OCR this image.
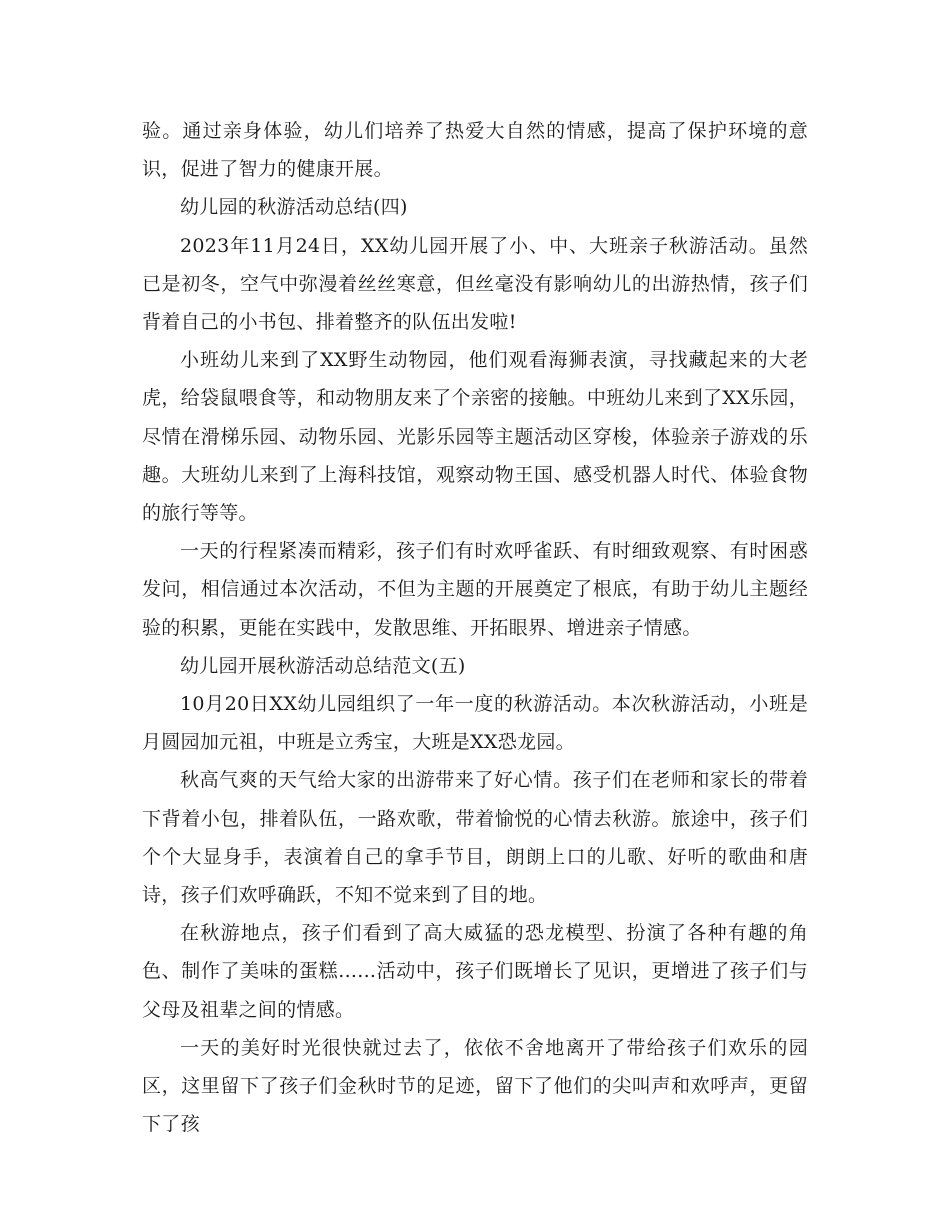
验。通过亲身体验，幼儿们培养了热爱大自然的情感，提高了保护环境的意识，促进了智力的健康开展。

幼儿园的秋游活动总结(四)

2023年11月24日，XX幼儿园开展了小、中、大班亲子秋游活动。虽然已是初冬，空气中弥漫着丝丝寒意，但丝毫没有影响幼儿的出游热情，孩子们背着自己的小书包、排着整齐的队伍出发啦!

小班幼儿来到了XX野生动物园，他们观看海狮表演，寻找藏起来的大老虎，给袋鼠喂食等，和动物朋友来了个亲密的接触。中班幼儿来到了XX乐园，尽情在滑梯乐园、动物乐园、光影乐园等主题活动区穿梭，体验亲子游戏的乐趣。大班幼儿来到了上海科技馆，观察动物王国、感受机器人时代、体验食物的旅行等等。

一天的行程紧凑而精彩，孩子们有时欢呼雀跃、有时细致观察、有时困惑发问，相信通过本次活动，不但为主题的开展奠定了根底，有助于幼儿主题经验的积累，更能在实践中，发散思维、开拓眼界、增进亲子情感。

幼儿园开展秋游活动总结范文(五)

10月20日XX幼儿园组织了一年一度的秋游活动。本次秋游活动，小班是月圆园加元祖，中班是立秀宝，大班是XX恐龙园。

秋高气爽的天气给大家的出游带来了好心情。孩子们在老师和家长的带着下背着小包，排着队伍，一路欢歌，带着愉悦的心情去秋游。旅途中，孩子们个个大显身手，表演着自己的拿手节目，朗朗上口的儿歌、好听的歌曲和唐诗，孩子们欢呼确跃，不知不觉来到了目的地。

在秋游地点，孩子们看到了高大威猛的恐龙模型、扮演了各种有趣的角色、制作了美味的蛋糕......活动中，孩子们既增长了见识，更增进了孩子们与父母及祖辈之间的情感。

一天的美好时光很快就过去了，依依不舍地离开了带给孩子们欢乐的园区，这里留下了孩子们金秋时节的足迹，留下了他们的尖叫声和欢呼声，更留下了孩
